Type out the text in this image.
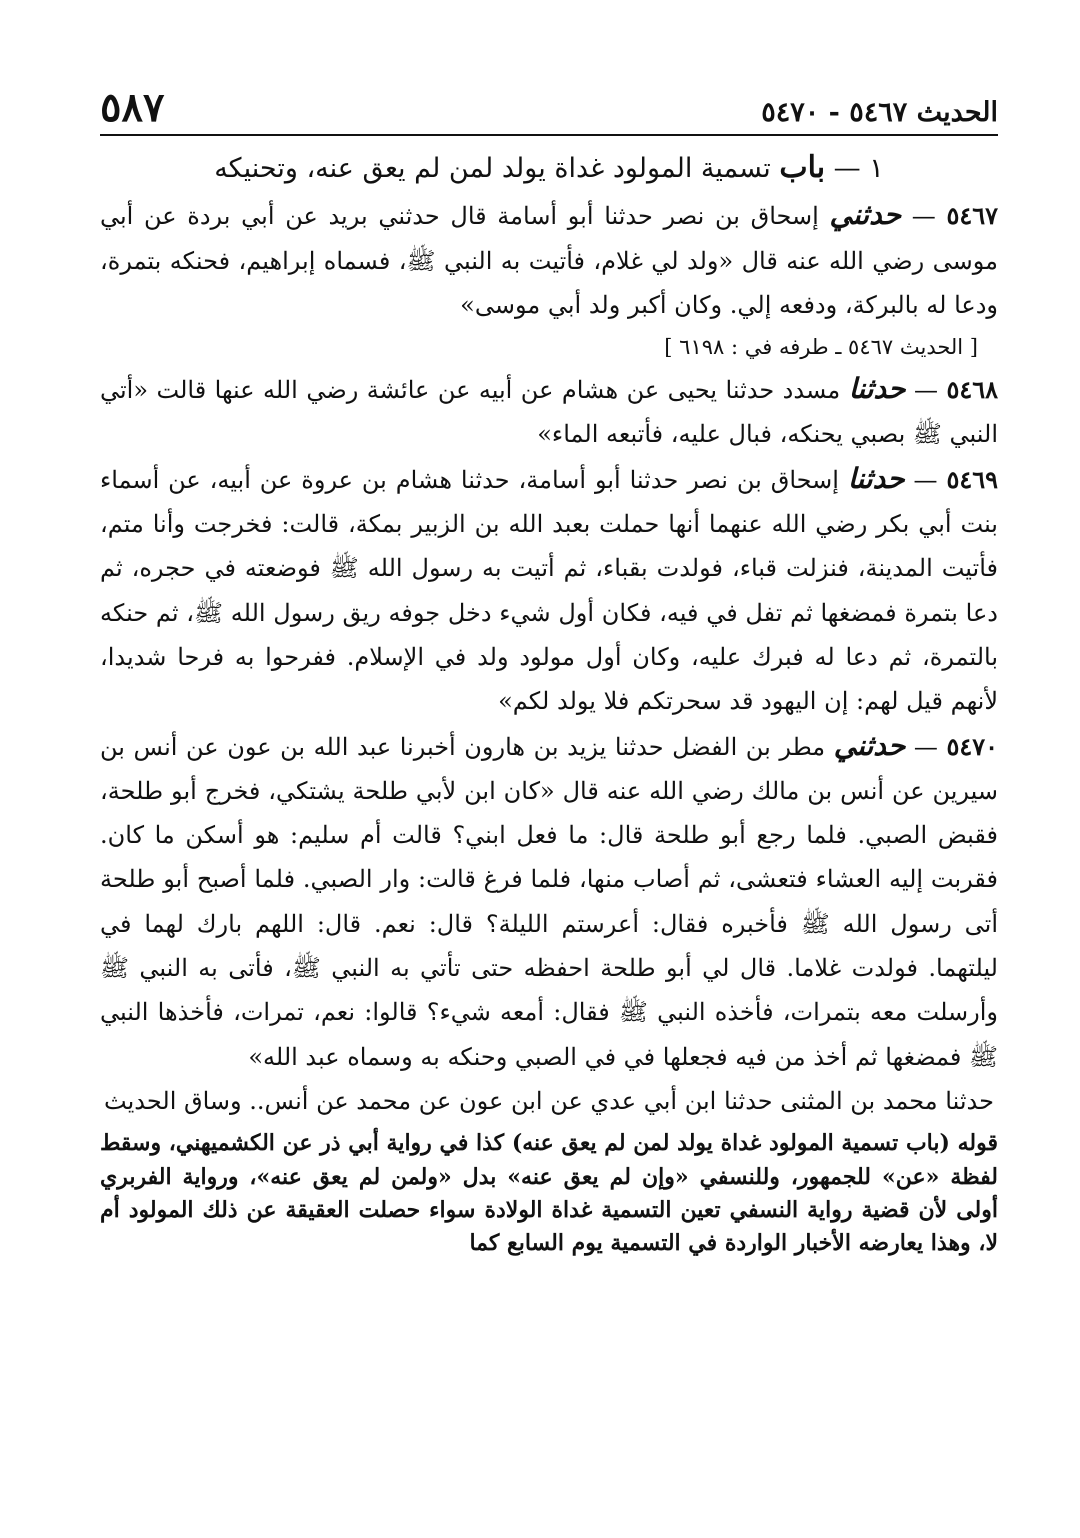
الحديث ٥٤٦٧ - ٥٤٧٠
٥٨٧

١ — باب تسمية المولود غداة يولد لمن لم يعق عنه، وتحنيكه

٥٤٦٧ — حدثني إسحاق بن نصر حدثنا أبو أسامة قال حدثني بريد عن أبي بردة عن أبي موسى رضي الله عنه قال «ولد لي غلام، فأتيت به النبي ﷺ، فسماه إبراهيم، فحنكه بتمرة، ودعا له بالبركة، ودفعه إلي. وكان أكبر ولد أبي موسى»

[ الحديث ٥٤٦٧ ـ طرفه في : ٦١٩٨ ]

٥٤٦٨ — حدثنا مسدد حدثنا يحيى عن هشام عن أبيه عن عائشة رضي الله عنها قالت «أتي النبي ﷺ بصبي يحنكه، فبال عليه، فأتبعه الماء»

٥٤٦٩ — حدثنا إسحاق بن نصر حدثنا أبو أسامة، حدثنا هشام بن عروة عن أبيه، عن أسماء بنت أبي بكر رضي الله عنهما أنها حملت بعبد الله بن الزبير بمكة، قالت: فخرجت وأنا متم، فأتيت المدينة، فنزلت قباء، فولدت بقباء، ثم أتيت به رسول الله ﷺ فوضعته في حجره، ثم دعا بتمرة فمضغها ثم تفل في فيه، فكان أول شيء دخل جوفه ريق رسول الله ﷺ، ثم حنكه بالتمرة، ثم دعا له فبرك عليه، وكان أول مولود ولد في الإسلام. ففرحوا به فرحا شديدا، لأنهم قيل لهم: إن اليهود قد سحرتكم فلا يولد لكم»

٥٤٧٠ — حدثني مطر بن الفضل حدثنا يزيد بن هارون أخبرنا عبد الله بن عون عن أنس بن سيرين عن أنس بن مالك رضي الله عنه قال «كان ابن لأبي طلحة يشتكي، فخرج أبو طلحة، فقبض الصبي. فلما رجع أبو طلحة قال: ما فعل ابني؟ قالت أم سليم: هو أسكن ما كان. فقربت إليه العشاء فتعشى، ثم أصاب منها، فلما فرغ قالت: وار الصبي. فلما أصبح أبو طلحة أتى رسول الله ﷺ فأخبره فقال: أعرستم الليلة؟ قال: نعم. قال: اللهم بارك لهما في ليلتهما. فولدت غلاما. قال لي أبو طلحة احفظه حتى تأتي به النبي ﷺ، فأتى به النبي ﷺ وأرسلت معه بتمرات، فأخذه النبي ﷺ فقال: أمعه شيء؟ قالوا: نعم، تمرات، فأخذها النبي ﷺ فمضغها ثم أخذ من فيه فجعلها في في الصبي وحنكه به وسماه عبد الله»

حدثنا محمد بن المثنى حدثنا ابن أبي عدي عن ابن عون عن محمد عن أنس.. وساق الحديث

قوله (باب تسمية المولود غداة يولد لمن لم يعق عنه) كذا في رواية أبي ذر عن الكشميهني، وسقط لفظة «عن» للجمهور، وللنسفي «وإن لم يعق عنه» بدل «ولمن لم يعق عنه»، ورواية الفربري أولى لأن قضية رواية النسفي تعين التسمية غداة الولادة سواء حصلت العقيقة عن ذلك المولود أم لا، وهذا يعارضه الأخبار الواردة في التسمية يوم السابع كما
